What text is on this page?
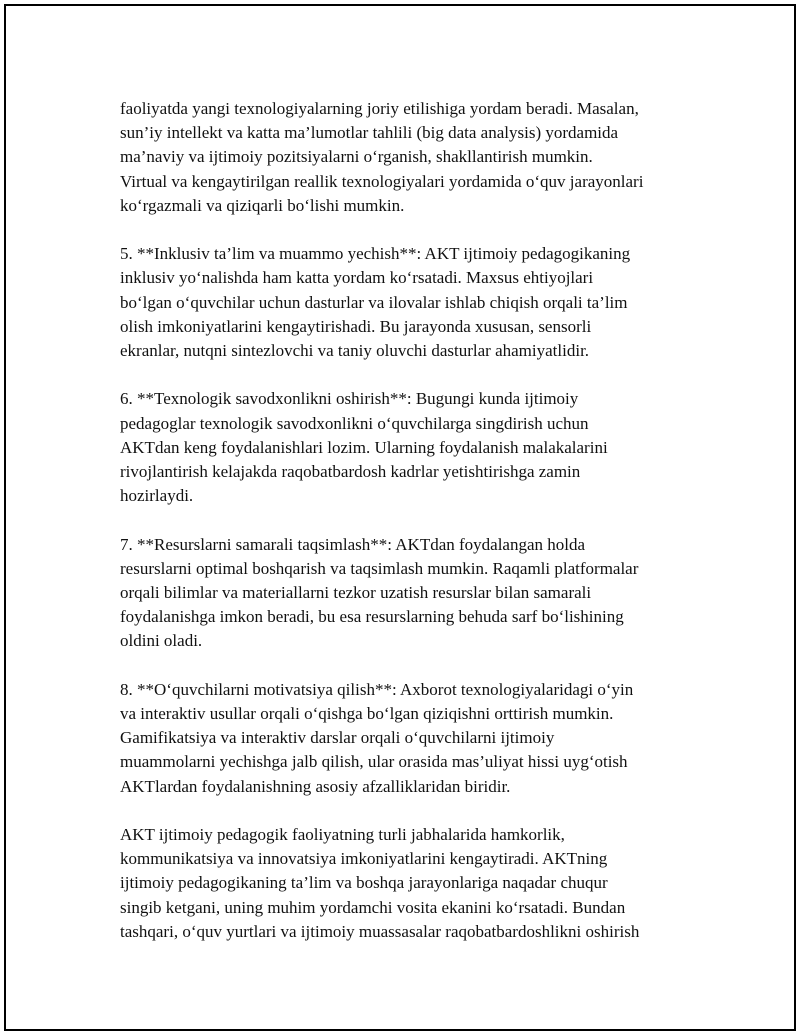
faoliyatda yangi texnologiyalarning joriy etilishiga yordam beradi. Masalan,
sun’iy intellekt va katta ma’lumotlar tahlili (big data analysis) yordamida
ma’naviy va ijtimoiy pozitsiyalarni o‘rganish, shakllantirish mumkin.
Virtual va kengaytirilgan reallik texnologiyalari yordamida o‘quv jarayonlari
ko‘rgazmali va qiziqarli bo‘lishi mumkin.

5. **Inklusiv ta’lim va muammo yechish**: AKT ijtimoiy pedagogikaning
inklusiv yo‘nalishda ham katta yordam ko‘rsatadi. Maxsus ehtiyojlari
bo‘lgan o‘quvchilar uchun dasturlar va ilovalar ishlab chiqish orqali ta’lim
olish imkoniyatlarini kengaytirishadi. Bu jarayonda xususan, sensorli
ekranlar, nutqni sintezlovchi va taniy oluvchi dasturlar ahamiyatlidir.

6. **Texnologik savodxonlikni oshirish**: Bugungi kunda ijtimoiy
pedagoglar texnologik savodxonlikni o‘quvchilarga singdirish uchun
AKTdan keng foydalanishlari lozim. Ularning foydalanish malakalarini
rivojlantirish kelajakda raqobatbardosh kadrlar yetishtirishga zamin
hozirlaydi.

7. **Resurslarni samarali taqsimlash**: AKTdan foydalangan holda
resurslarni optimal boshqarish va taqsimlash mumkin. Raqamli platformalar
orqali bilimlar va materiallarni tezkor uzatish resurslar bilan samarali
foydalanishga imkon beradi, bu esa resurslarning behuda sarf bo‘lishining
oldini oladi.

8. **O‘quvchilarni motivatsiya qilish**: Axborot texnologiyalaridagi o‘yin
va interaktiv usullar orqali o‘qishga bo‘lgan qiziqishni orttirish mumkin.
Gamifikatsiya va interaktiv darslar orqali o‘quvchilarni ijtimoiy
muammolarni yechishga jalb qilish, ular orasida mas’uliyat hissi uyg‘otish
AKTlardan foydalanishning asosiy afzalliklaridan biridir.

AKT ijtimoiy pedagogik faoliyatning turli jabhalarida hamkorlik,
kommunikatsiya va innovatsiya imkoniyatlarini kengaytiradi. AKTning
ijtimoiy pedagogikaning ta’lim va boshqa jarayonlariga naqadar chuqur
singib ketgani, uning muhim yordamchi vosita ekanini ko‘rsatadi. Bundan
tashqari, o‘quv yurtlari va ijtimoiy muassasalar raqobatbardoshlikni oshirish
